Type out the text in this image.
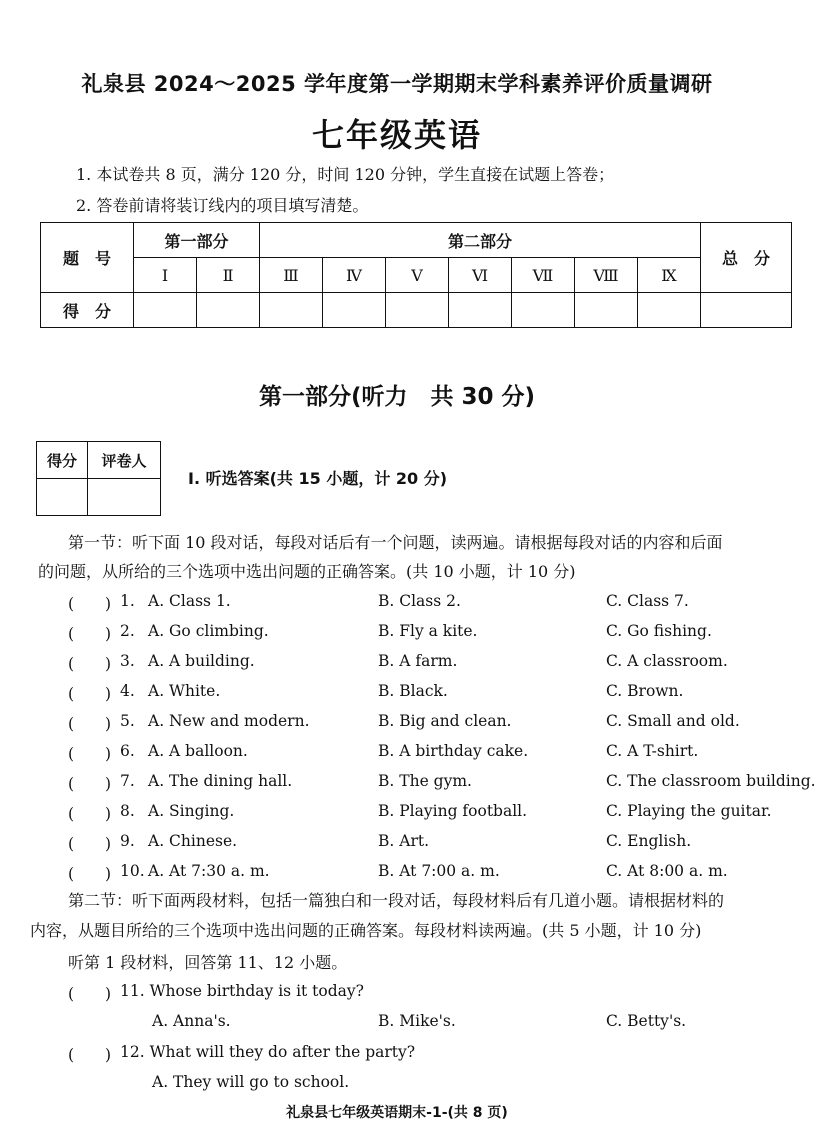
礼泉县 2024～2025 学年度第一学期期末学科素养评价质量调研
七年级英语
1. 本试卷共 8 页，满分 120 分，时间 120 分钟，学生直接在试题上答卷；
2. 答卷前请将装订线内的项目填写清楚。
题　号	第一部分		第二部分							总　分
	Ⅰ	Ⅱ	Ⅲ	Ⅳ	Ⅴ	Ⅵ	Ⅶ	Ⅷ	Ⅸ	
得　分										
第一部分(听力　共 30 分)
得分	评卷人

Ⅰ. 听选答案(共 15 小题，计 20 分)
第一节：听下面 10 段对话，每段对话后有一个问题，读两遍。请根据每段对话的内容和后面
的问题，从所给的三个选项中选出问题的正确答案。(共 10 小题，计 10 分)
(　　) 1. A. Class 1.	B. Class 2.	C. Class 7.
(　　) 2. A. Go climbing.	B. Fly a kite.	C. Go fishing.
(　　) 3. A. A building.	B. A farm.	C. A classroom.
(　　) 4. A. White.	B. Black.	C. Brown.
(　　) 5. A. New and modern.	B. Big and clean.	C. Small and old.
(　　) 6. A. A balloon.	B. A birthday cake.	C. A T-shirt.
(　　) 7. A. The dining hall.	B. The gym.	C. The classroom building.
(　　) 8. A. Singing.	B. Playing football.	C. Playing the guitar.
(　　) 9. A. Chinese.	B. Art.	C. English.
(　　) 10. A. At 7:30 a. m.	B. At 7:00 a. m.	C. At 8:00 a. m.
第二节：听下面两段材料，包括一篇独白和一段对话，每段材料后有几道小题。请根据材料的
内容，从题目所给的三个选项中选出问题的正确答案。每段材料读两遍。(共 5 小题，计 10 分)
听第 1 段材料，回答第 11、12 小题。
(　　) 11. Whose birthday is it today?
A. Anna's.	B. Mike's.	C. Betty's.
(　　) 12. What will they do after the party?
A. They will go to school.
礼泉县七年级英语期末-1-(共 8 页)
